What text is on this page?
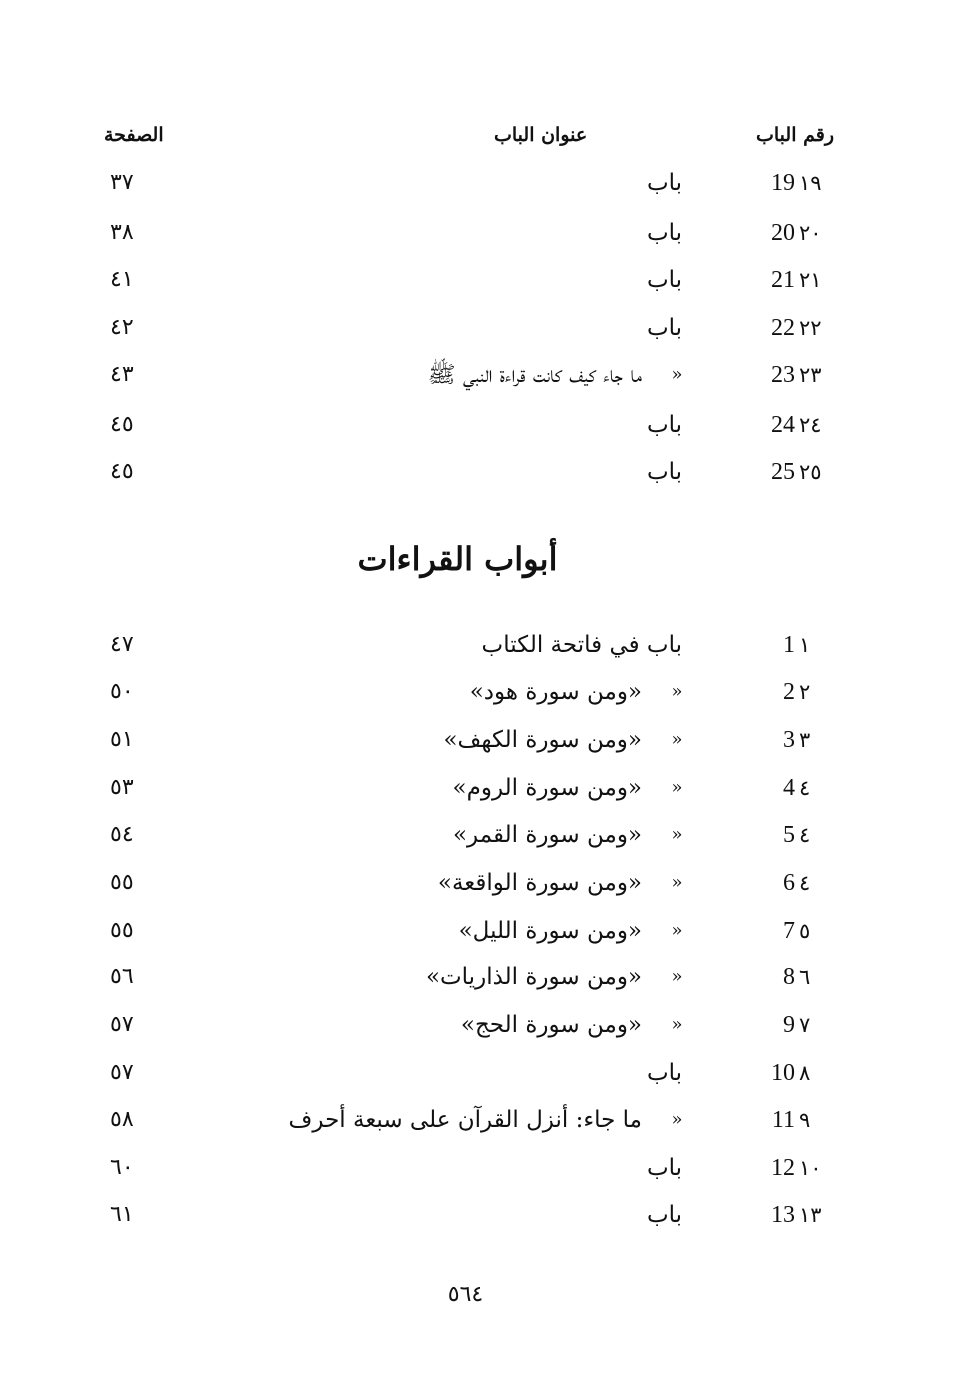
رقم الباب
عنوان الباب
الصفحة
19 ١٩
باب
٣٧
20 ٢٠
باب
٣٨
21 ٢١
باب
٤١
22 ٢٢
باب
٤٢
23 ٢٣
»
ما جاء كيف كانت قراءة النبي ﷺ
٤٣
24 ٢٤
باب
٤٥
25 ٢٥
باب
٤٥
أبواب القراءات
1 ١
باب في فاتحة الكتاب
٤٧
2 ٢
»
«ومن سورة هود»
٥٠
3 ٣
»
«ومن سورة الكهف»
٥١
4 ٤
»
«ومن سورة الروم»
٥٣
5 ٤
»
«ومن سورة القمر»
٥٤
6 ٤
»
«ومن سورة الواقعة»
٥٥
7 ٥
»
«ومن سورة الليل»
٥٥
8 ٦
»
«ومن سورة الذاريات»
٥٦
9 ٧
»
«ومن سورة الحج»
٥٧
10 ٨
باب
٥٧
11 ٩
»
ما جاء: أنزل القرآن على سبعة أحرف
٥٨
12 ١٠
باب
٦٠
13 ١٣
باب
٦١
٥٦٤
